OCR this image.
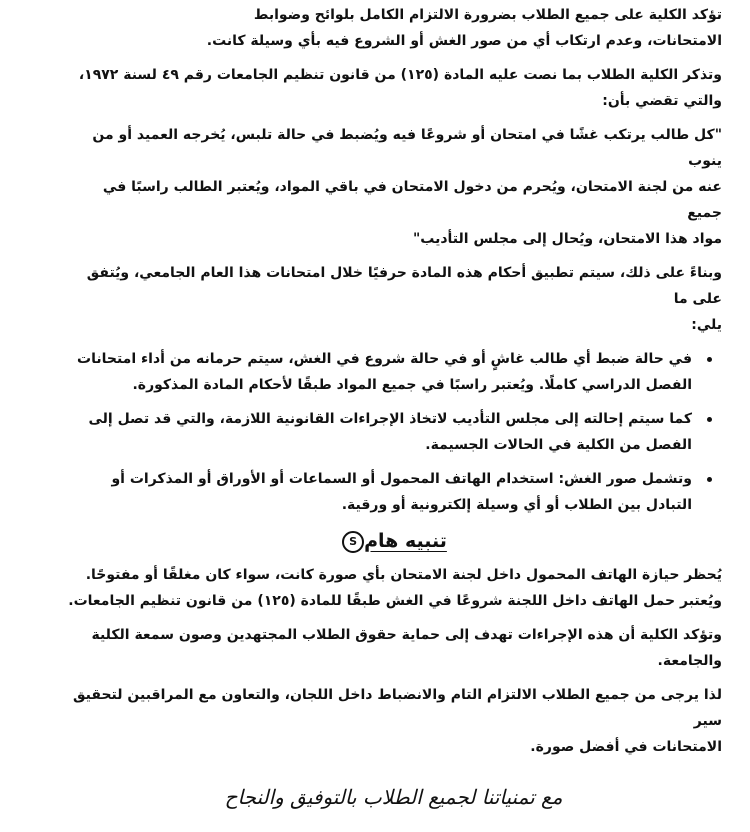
تؤكد الكلية على جميع الطلاب بضرورة الالتزام الكامل بلوائح وضوابط
الامتحانات، وعدم ارتكاب أي من صور الغش أو الشروع فيه بأي وسيلة كانت.
وتذكر الكلية الطلاب بما نصت عليه المادة (١٢٥) من قانون تنظيم الجامعات رقم ٤٩ لسنة ١٩٧٢،
والتي تقضي بأن:
"كل طالب يرتكب غشًا في امتحان أو شروعًا فيه ويُضبط في حالة تلبس، يُخرجه العميد أو من ينوب
عنه من لجنة الامتحان، ويُحرم من دخول الامتحان في باقي المواد، ويُعتبر الطالب راسبًا في جميع
مواد هذا الامتحان، ويُحال إلى مجلس التأديب"
وبناءً على ذلك، سيتم تطبيق أحكام هذه المادة حرفيًا خلال امتحانات هذا العام الجامعي، ويُتفق على ما
يلي:
في حالة ضبط أي طالب غاشٍ أو في حالة شروع في الغش، سيتم حرمانه من أداء امتحانات
الفصل الدراسي كاملًا. ويُعتبر راسبًا في جميع المواد طبقًا لأحكام المادة المذكورة.
كما سيتم إحالته إلى مجلس التأديب لاتخاذ الإجراءات القانونية اللازمة، والتي قد تصل إلى
الفصل من الكلية في الحالات الجسيمة.
وتشمل صور الغش: استخدام الهاتف المحمول أو السماعات أو الأوراق أو المذكرات أو
التبادل بين الطلاب أو أي وسيلة إلكترونية أو ورقية.
تنبيه هامS
يُحظر حيازة الهاتف المحمول داخل لجنة الامتحان بأي صورة كانت، سواء كان مغلقًا أو مفتوحًا.
ويُعتبر حمل الهاتف داخل اللجنة شروعًا في الغش طبقًا للمادة (١٢٥) من قانون تنظيم الجامعات.
وتؤكد الكلية أن هذه الإجراءات تهدف إلى حماية حقوق الطلاب المجتهدين وصون سمعة الكلية
والجامعة.
لذا يرجى من جميع الطلاب الالتزام التام والانضباط داخل اللجان، والتعاون مع المراقبين لتحقيق سير
الامتحانات في أفضل صورة.
مع تمنياتنا لجميع الطلاب بالتوفيق والنجاح
